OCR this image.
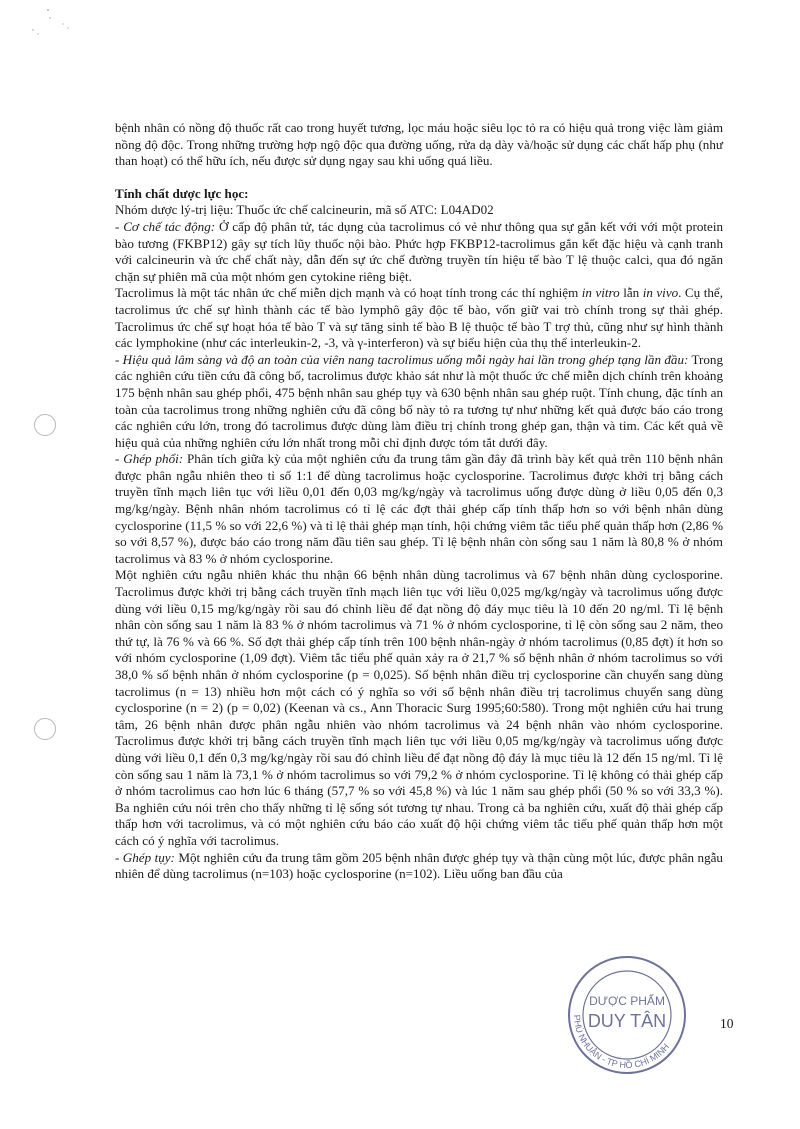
bệnh nhân có nồng độ thuốc rất cao trong huyết tương, lọc máu hoặc siêu lọc tỏ ra có hiệu quả trong việc làm giảm nồng độ độc. Trong những trường hợp ngộ độc qua đường uống, rửa dạ dày và/hoặc sử dụng các chất hấp phụ (như than hoạt) có thể hữu ích, nếu được sử dụng ngay sau khi uống quá liều.

Tính chất dược lực học:

Nhóm dược lý-trị liệu: Thuốc ức chế calcineurin, mã số ATC: L04AD02

- Cơ chế tác động: Ở cấp độ phân tử, tác dụng của tacrolimus có vẻ như thông qua sự gắn kết với với một protein bào tương (FKBP12) gây sự tích lũy thuốc nội bào. Phức hợp FKBP12-tacrolimus gắn kết đặc hiệu và cạnh tranh với calcineurin và ức chế chất này, dẫn đến sự ức chế đường truyền tín hiệu tế bào T lệ thuộc calci, qua đó ngăn chặn sự phiên mã của một nhóm gen cytokine riêng biệt.

Tacrolimus là một tác nhân ức chế miễn dịch mạnh và có hoạt tính trong các thí nghiệm in vitro lẫn in vivo. Cụ thể, tacrolimus ức chế sự hình thành các tế bào lymphô gây độc tế bào, vốn giữ vai trò chính trong sự thải ghép. Tacrolimus ức chế sự hoạt hóa tế bào T và sự tăng sinh tế bào B lệ thuộc tế bào T trợ thủ, cũng như sự hình thành các lymphokine (như các interleukin-2, -3, và γ-interferon) và sự biểu hiện của thụ thể interleukin-2.

- Hiệu quả lâm sàng và độ an toàn của viên nang tacrolimus uống mỗi ngày hai lần trong ghép tạng lần đầu: Trong các nghiên cứu tiền cứu đã công bố, tacrolimus được khảo sát như là một thuốc ức chế miễn dịch chính trên khoảng 175 bệnh nhân sau ghép phổi, 475 bệnh nhân sau ghép tụy và 630 bệnh nhân sau ghép ruột. Tính chung, đặc tính an toàn của tacrolimus trong những nghiên cứu đã công bố này tỏ ra tương tự như những kết quả được báo cáo trong các nghiên cứu lớn, trong đó tacrolimus được dùng làm điều trị chính trong ghép gan, thận và tim. Các kết quả về hiệu quả của những nghiên cứu lớn nhất trong mỗi chỉ định được tóm tắt dưới đây.

- Ghép phổi: Phân tích giữa kỳ của một nghiên cứu đa trung tâm gần đây đã trình bày kết quả trên 110 bệnh nhân được phân ngẫu nhiên theo tỉ số 1:1 để dùng tacrolimus hoặc cyclosporine. Tacrolimus được khởi trị bằng cách truyền tĩnh mạch liên tục với liều 0,01 đến 0,03 mg/kg/ngày và tacrolimus uống được dùng ở liều 0,05 đến 0,3 mg/kg/ngày. Bệnh nhân nhóm tacrolimus có tỉ lệ các đợt thải ghép cấp tính thấp hơn so với bệnh nhân dùng cyclosporine (11,5 % so với 22,6 %) và tỉ lệ thải ghép mạn tính, hội chứng viêm tắc tiểu phế quản thấp hơn (2,86 % so với 8,57 %), được báo cáo trong năm đầu tiên sau ghép. Tỉ lệ bệnh nhân còn sống sau 1 năm là 80,8 % ở nhóm tacrolimus và 83 % ở nhóm cyclosporine.

Một nghiên cứu ngẫu nhiên khác thu nhận 66 bệnh nhân dùng tacrolimus và 67 bệnh nhân dùng cyclosporine. Tacrolimus được khởi trị bằng cách truyền tĩnh mạch liên tục với liều 0,025 mg/kg/ngày và tacrolimus uống được dùng với liều 0,15 mg/kg/ngày rồi sau đó chỉnh liều để đạt nồng độ đáy mục tiêu là 10 đến 20 ng/ml. Tỉ lệ bệnh nhân còn sống sau 1 năm là 83 % ở nhóm tacrolimus và 71 % ở nhóm cyclosporine, tỉ lệ còn sống sau 2 năm, theo thứ tự, là 76 % và 66 %. Số đợt thải ghép cấp tính trên 100 bệnh nhân-ngày ở nhóm tacrolimus (0,85 đợt) ít hơn so với nhóm cyclosporine (1,09 đợt). Viêm tắc tiểu phế quản xảy ra ở 21,7 % số bệnh nhân ở nhóm tacrolimus so với 38,0 % số bệnh nhân ở nhóm cyclosporine (p = 0,025). Số bệnh nhân điều trị cyclosporine cần chuyển sang dùng tacrolimus (n = 13) nhiều hơn một cách có ý nghĩa so với số bệnh nhân điều trị tacrolimus chuyển sang dùng cyclosporine (n = 2) (p = 0,02) (Keenan và cs., Ann Thoracic Surg 1995;60:580). Trong một nghiên cứu hai trung tâm, 26 bệnh nhân được phân ngẫu nhiên vào nhóm tacrolimus và 24 bệnh nhân vào nhóm cyclosporine. Tacrolimus được khởi trị bằng cách truyền tĩnh mạch liên tục với liều 0,05 mg/kg/ngày và tacrolimus uống được dùng với liều 0,1 đến 0,3 mg/kg/ngày rồi sau đó chỉnh liều để đạt nồng độ đáy là mục tiêu là 12 đến 15 ng/ml. Tỉ lệ còn sống sau 1 năm là 73,1 % ở nhóm tacrolimus so với 79,2 % ở nhóm cyclosporine. Tỉ lệ không có thải ghép cấp ở nhóm tacrolimus cao hơn lúc 6 tháng (57,7 % so với 45,8 %) và lúc 1 năm sau ghép phổi (50 % so với 33,3 %). Ba nghiên cứu nói trên cho thấy những tỉ lệ sống sót tương tự nhau. Trong cả ba nghiên cứu, xuất độ thải ghép cấp thấp hơn với tacrolimus, và có một nghiên cứu báo cáo xuất độ hội chứng viêm tắc tiểu phế quản thấp hơn một cách có ý nghĩa với tacrolimus.

- Ghép tụy: Một nghiên cứu đa trung tâm gồm 205 bệnh nhân được ghép tụy và thận cùng một lúc, được phân ngẫu nhiên để dùng tacrolimus (n=103) hoặc cyclosporine (n=102). Liều uống ban đầu của

DƯỢC PHẨM
DUY TÂN
PHÚ NHUẬN - TP HỒ CHÍ MINH
10
